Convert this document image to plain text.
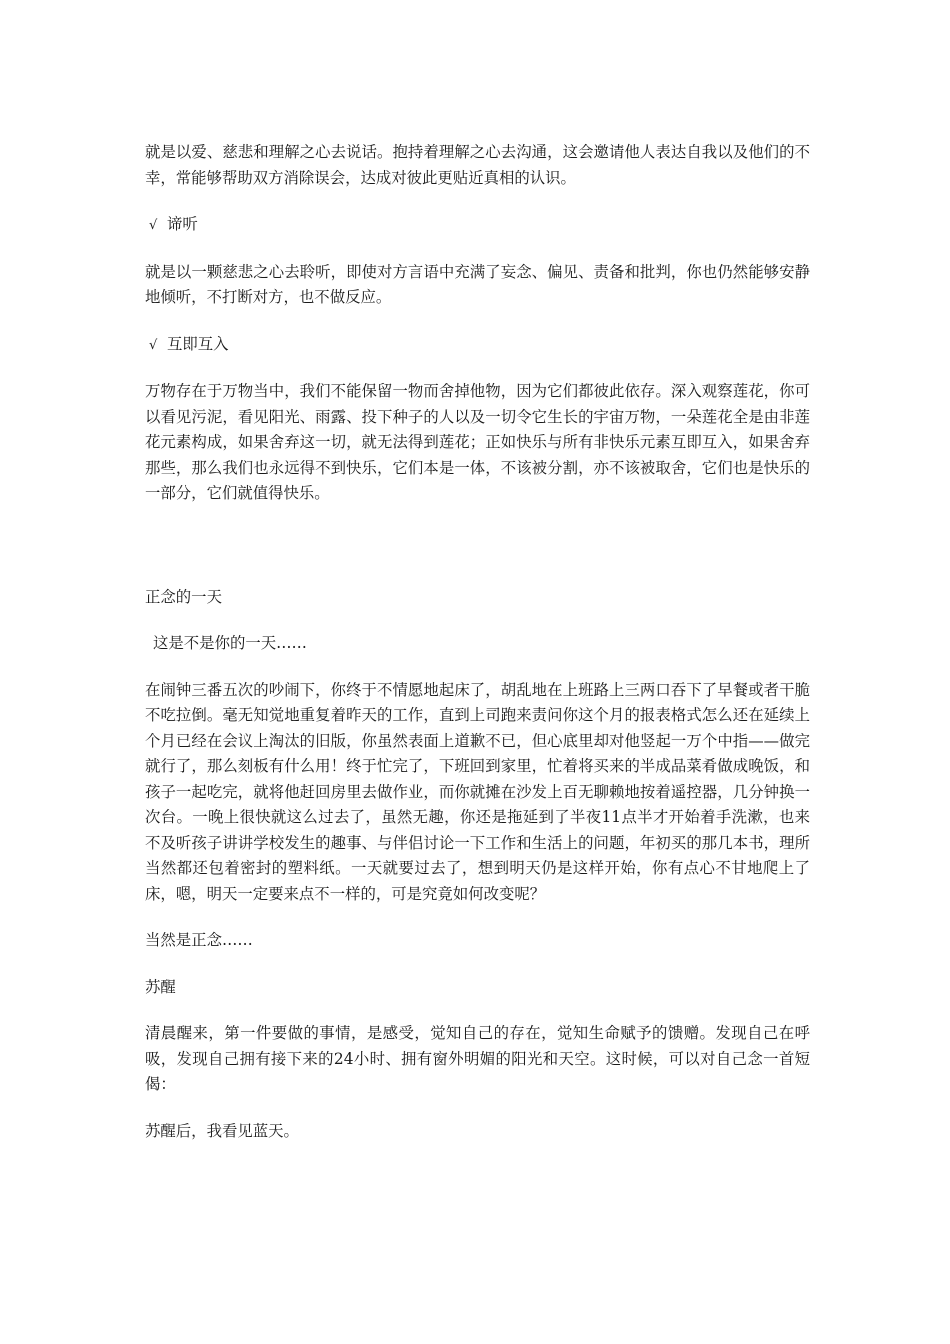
就是以爱、慈悲和理解之心去说话。抱持着理解之心去沟通，这会邀请他人表达自我以及他们的不幸，常能够帮助双方消除误会，达成对彼此更贴近真相的认识。

√ 谛听

就是以一颗慈悲之心去聆听，即使对方言语中充满了妄念、偏见、责备和批判，你也仍然能够安静地倾听，不打断对方，也不做反应。

√ 互即互入

万物存在于万物当中，我们不能保留一物而舍掉他物，因为它们都彼此依存。深入观察莲花，你可以看见污泥，看见阳光、雨露、投下种子的人以及一切令它生长的宇宙万物，一朵莲花全是由非莲花元素构成，如果舍弃这一切，就无法得到莲花；正如快乐与所有非快乐元素互即互入，如果舍弃那些，那么我们也永远得不到快乐，它们本是一体，不该被分割，亦不该被取舍，它们也是快乐的一部分，它们就值得快乐。

正念的一天

这是不是你的一天……

在闹钟三番五次的吵闹下，你终于不情愿地起床了，胡乱地在上班路上三两口吞下了早餐或者干脆不吃拉倒。毫无知觉地重复着昨天的工作，直到上司跑来责问你这个月的报表格式怎么还在延续上个月已经在会议上淘汰的旧版，你虽然表面上道歉不已，但心底里却对他竖起一万个中指——做完就行了，那么刻板有什么用！终于忙完了，下班回到家里，忙着将买来的半成品菜肴做成晚饭，和孩子一起吃完，就将他赶回房里去做作业，而你就摊在沙发上百无聊赖地按着遥控器，几分钟换一次台。一晚上很快就这么过去了，虽然无趣，你还是拖延到了半夜11点半才开始着手洗漱，也来不及听孩子讲讲学校发生的趣事、与伴侣讨论一下工作和生活上的问题，年初买的那几本书，理所当然都还包着密封的塑料纸。一天就要过去了，想到明天仍是这样开始，你有点心不甘地爬上了床，嗯，明天一定要来点不一样的，可是究竟如何改变呢？

当然是正念……

苏醒

清晨醒来，第一件要做的事情，是感受，觉知自己的存在，觉知生命赋予的馈赠。发现自己在呼吸，发现自己拥有接下来的24小时、拥有窗外明媚的阳光和天空。这时候，可以对自己念一首短偈：

苏醒后，我看见蓝天。
